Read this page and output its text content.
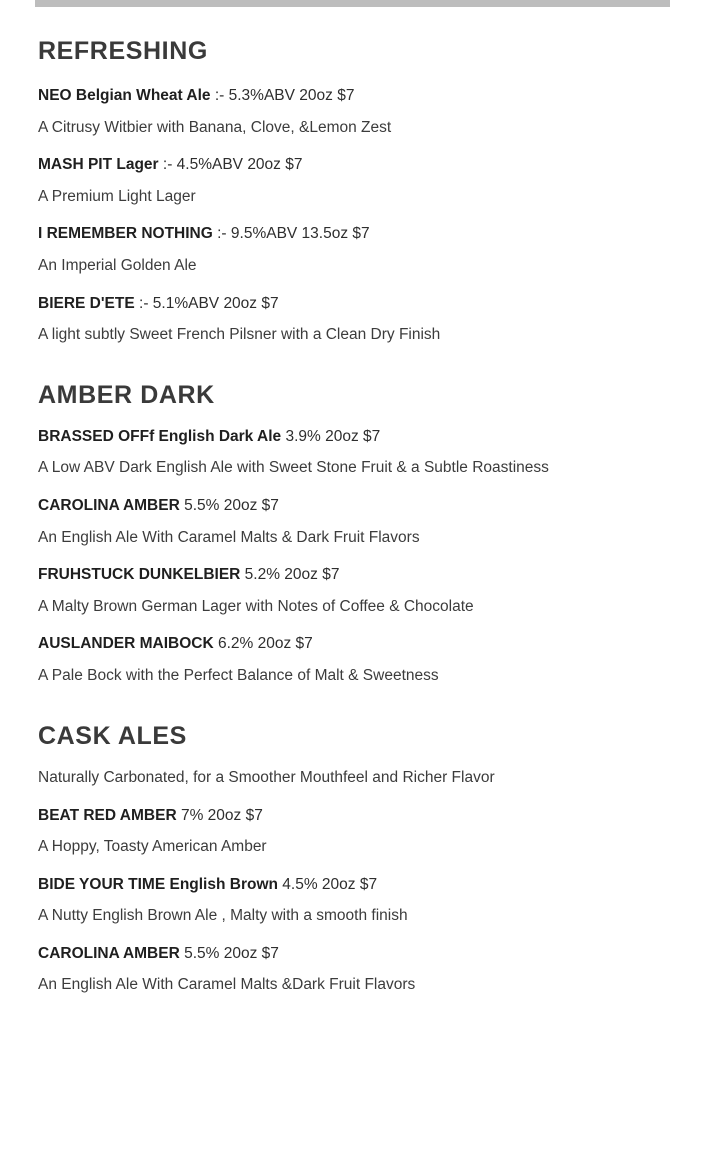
REFRESHING

NEO Belgian Wheat Ale :- 5.3%ABV 20oz $7

A Citrusy Witbier with Banana, Clove, &Lemon Zest

MASH PIT Lager :- 4.5%ABV 20oz $7

A Premium Light Lager

I REMEMBER NOTHING :- 9.5%ABV 13.5oz $7

An Imperial Golden Ale

BIERE D'ETE :- 5.1%ABV 20oz $7

A light subtly Sweet French Pilsner with a Clean Dry Finish

AMBER DARK

BRASSED OFFf English Dark Ale 3.9% 20oz $7

A Low ABV Dark English Ale with Sweet Stone Fruit & a Subtle Roastiness

CAROLINA AMBER 5.5% 20oz $7

An English Ale With Caramel Malts & Dark Fruit Flavors

FRUHSTUCK DUNKELBIER 5.2% 20oz $7

A Malty Brown German Lager with Notes of Coffee & Chocolate

AUSLANDER MAIBOCK 6.2% 20oz $7

A Pale Bock with the Perfect Balance of Malt & Sweetness

CASK ALES

Naturally Carbonated, for a Smoother Mouthfeel and Richer Flavor

BEAT RED AMBER 7% 20oz $7

A Hoppy, Toasty American Amber

BIDE YOUR TIME English Brown 4.5% 20oz $7

A Nutty English Brown Ale , Malty with a smooth finish

CAROLINA AMBER 5.5% 20oz $7

An English Ale With Caramel Malts &Dark Fruit Flavors
